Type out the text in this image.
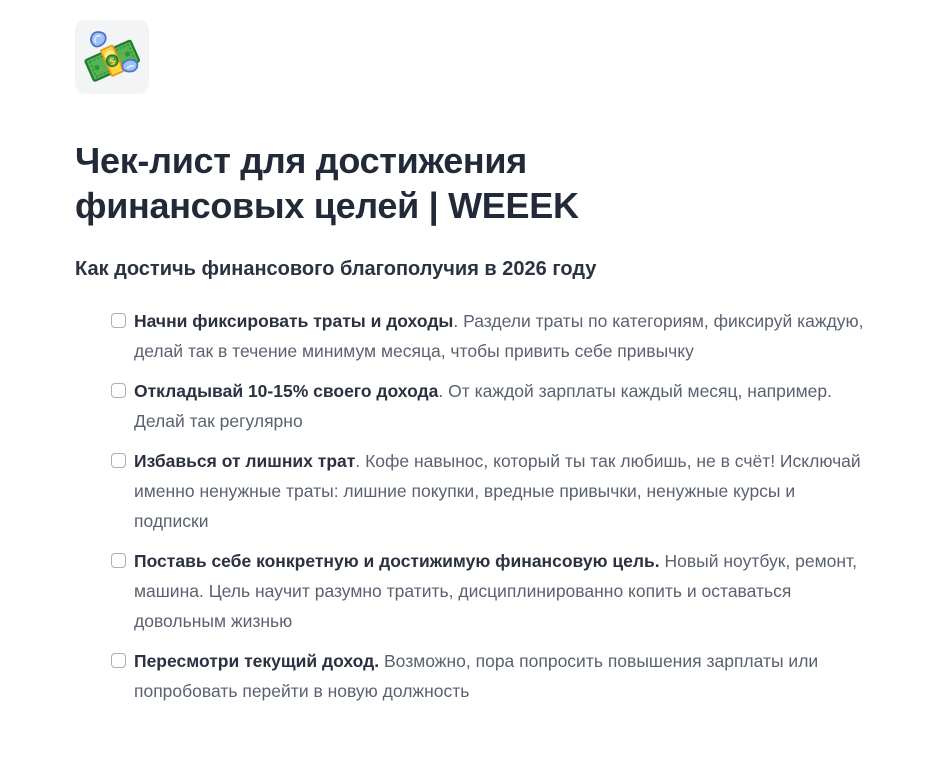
$
Чек-лист для достижения финансовых целей | WEEEK
Как достичь финансового благополучия в 2026 году
Начни фиксировать траты и доходы. Раздели траты по категориям, фиксируй каждую, делай так в течение минимум месяца, чтобы привить себе привычку
Откладывай 10-15% своего дохода. От каждой зарплаты каждый месяц, например. Делай так регулярно
Избавься от лишних трат. Кофе навынос, который ты так любишь, не в счёт! Исключай именно ненужные траты: лишние покупки, вредные привычки, ненужные курсы и подписки
Поставь себе конкретную и достижимую финансовую цель. Новый ноутбук, ремонт, машина. Цель научит разумно тратить, дисциплинированно копить и оставаться довольным жизнью
Пересмотри текущий доход. Возможно, пора попросить повышения зарплаты или попробовать перейти в новую должность
